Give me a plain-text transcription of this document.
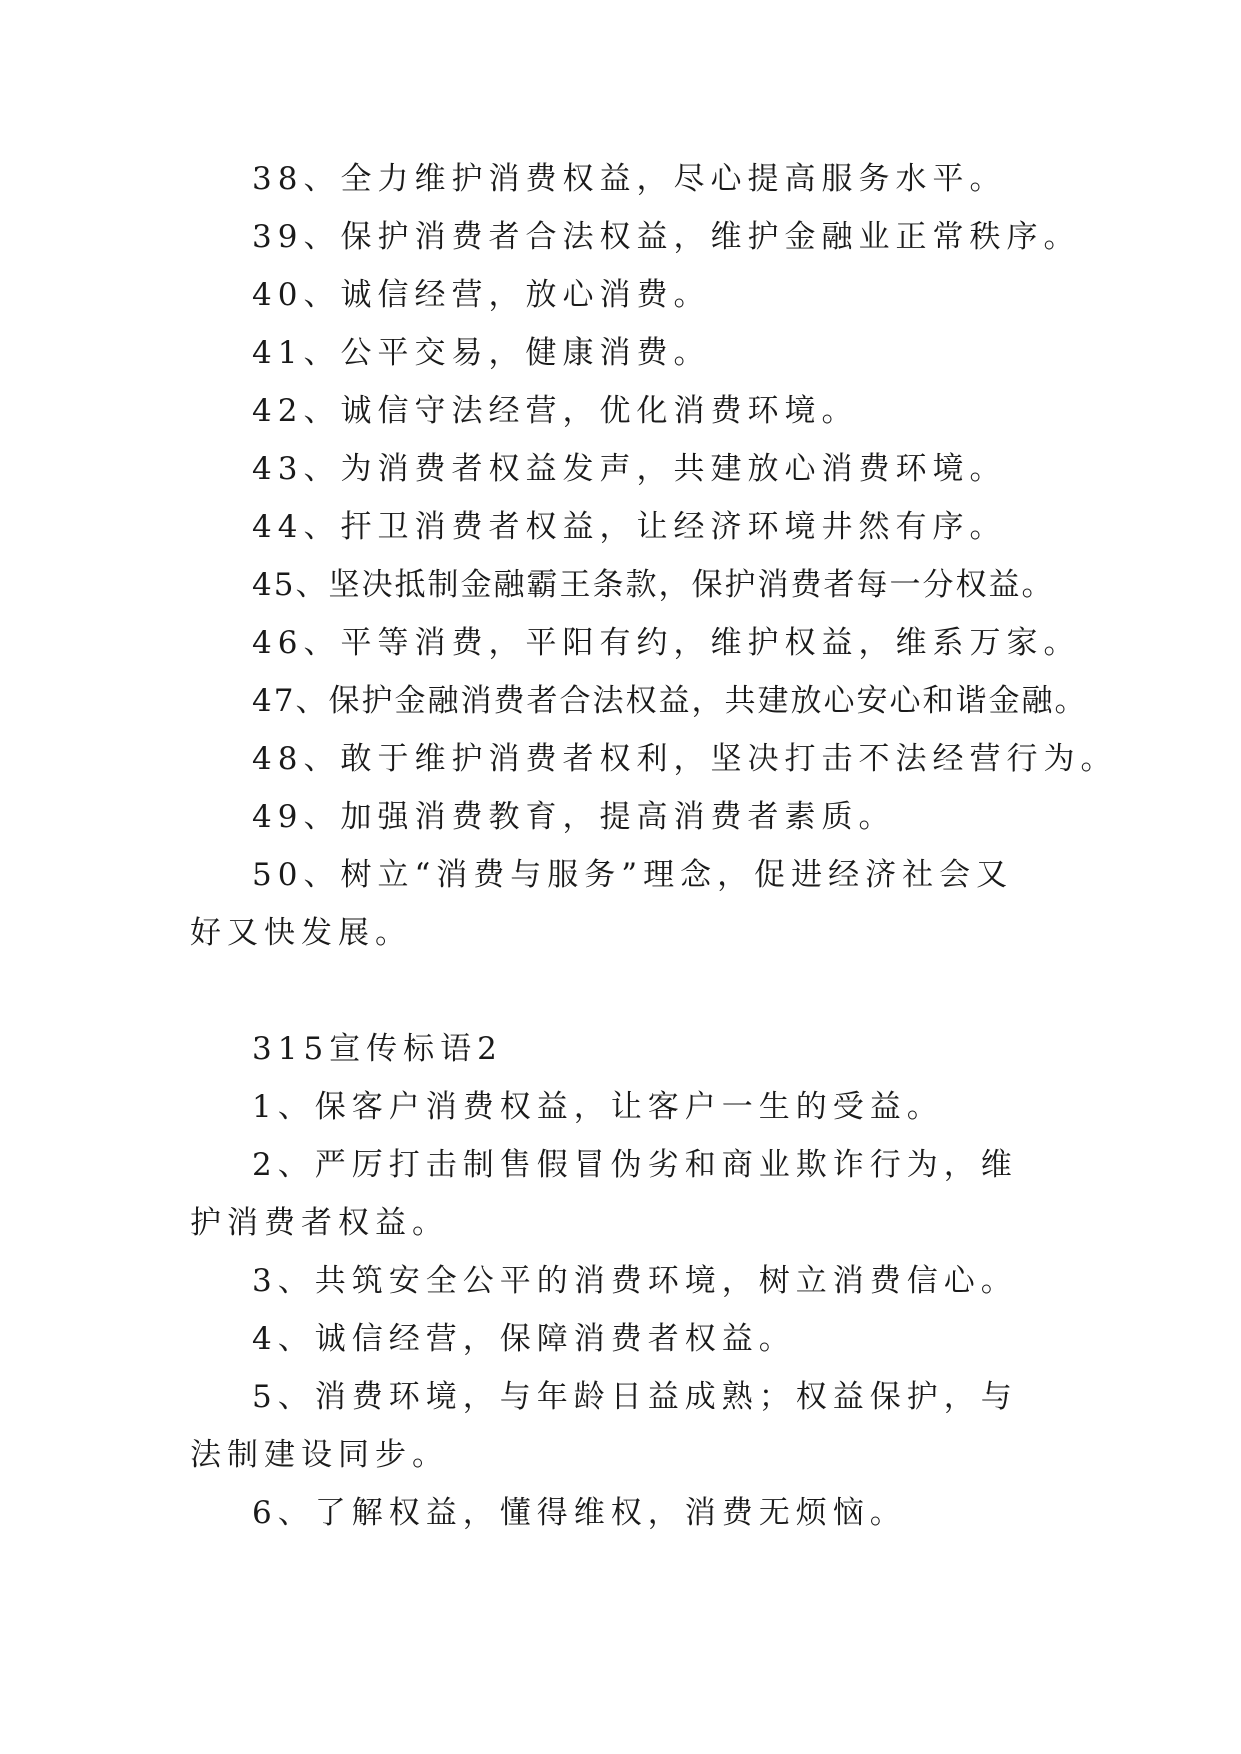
38、全力维护消费权益，尽心提高服务水平。

39、保护消费者合法权益，维护金融业正常秩序。

40、诚信经营，放心消费。

41、公平交易，健康消费。

42、诚信守法经营，优化消费环境。

43、为消费者权益发声，共建放心消费环境。

44、扞卫消费者权益，让经济环境井然有序。

45、坚决抵制金融霸王条款，保护消费者每一分权益。

46、平等消费，平阳有约，维护权益，维系万家。

47、保护金融消费者合法权益，共建放心安心和谐金融。

48、敢于维护消费者权利，坚决打击不法经营行为。

49、加强消费教育，提高消费者素质。

50、树立“消费与服务”理念，促进经济社会又好又快发展。

315宣传标语2

1、保客户消费权益，让客户一生的受益。

2、严厉打击制售假冒伪劣和商业欺诈行为，维护消费者权益。

3、共筑安全公平的消费环境，树立消费信心。

4、诚信经营，保障消费者权益。

5、消费环境，与年龄日益成熟；权益保护，与法制建设同步。

6、了解权益，懂得维权，消费无烦恼。
